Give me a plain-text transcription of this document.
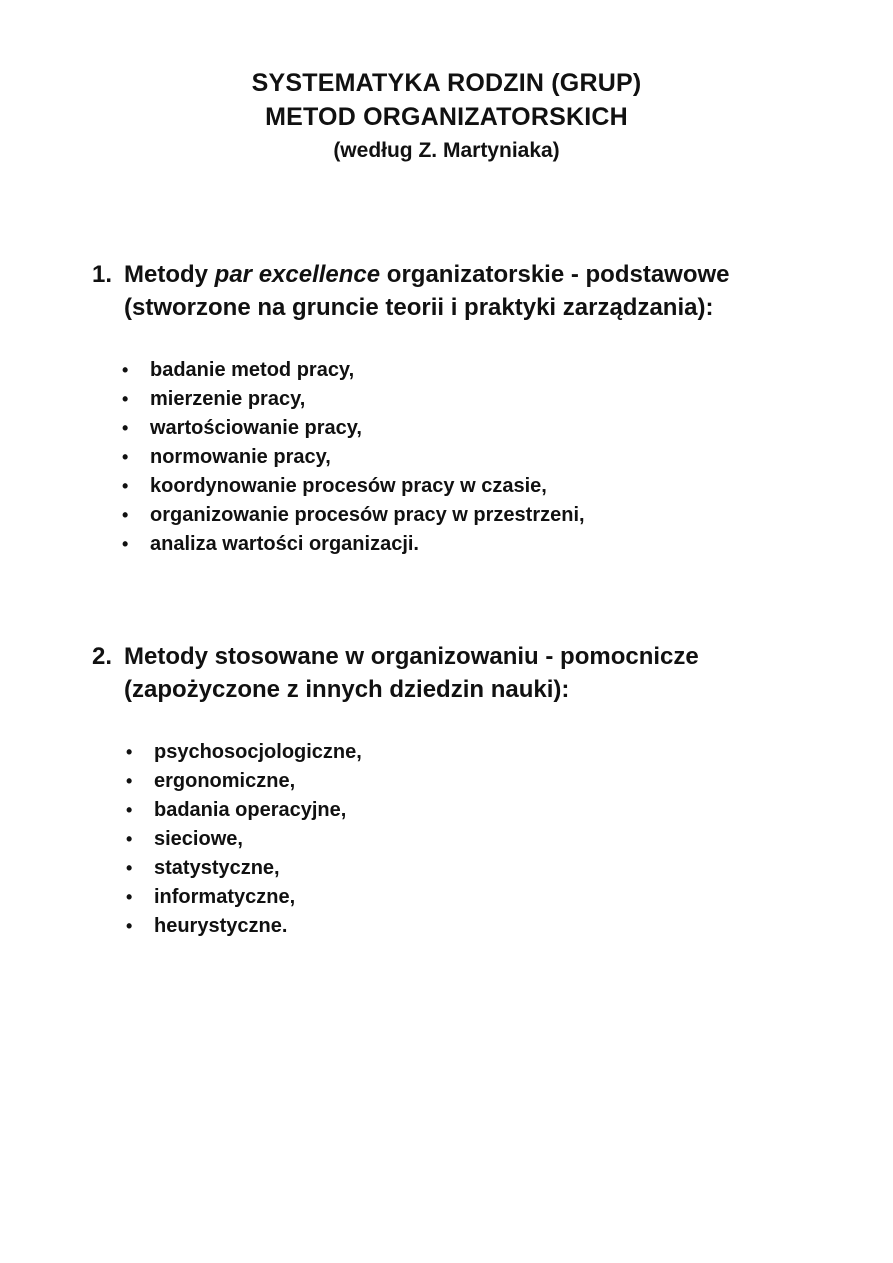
SYSTEMATYKA RODZIN (GRUP)
METOD ORGANIZATORSKICH
(według Z. Martyniaka)
1. Metody par excellence organizatorskie - podstawowe
(stworzone na gruncie teorii i praktyki zarządzania):
•	badanie metod pracy,
•	mierzenie pracy,
•	wartościowanie pracy,
•	normowanie pracy,
•	koordynowanie procesów pracy w czasie,
•	organizowanie procesów pracy w przestrzeni,
•	analiza wartości organizacji.
2. Metody stosowane w organizowaniu - pomocnicze
(zapożyczone z innych dziedzin nauki):
•	psychosocjologiczne,
•	ergonomiczne,
•	badania operacyjne,
•	sieciowe,
•	statystyczne,
•	informatyczne,
•	heurystyczne.
